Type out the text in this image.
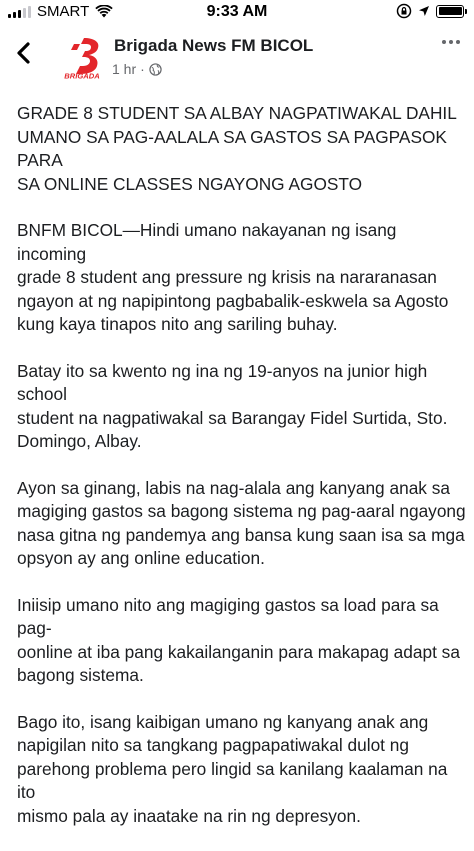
SMART	9:33 AM
BRIGADA
Brigada News FM BICOL
1 hr ·

GRADE 8 STUDENT SA ALBAY NAGPATIWAKAL DAHIL
UMANO SA PAG-AALALA SA GASTOS SA PAGPASOK PARA
SA ONLINE CLASSES NGAYONG AGOSTO

BNFM BICOL—Hindi umano nakayanan ng isang incoming
grade 8 student ang pressure ng krisis na nararanasan
ngayon at ng napipintong pagbabalik-eskwela sa Agosto
kung kaya tinapos nito ang sariling buhay.

Batay ito sa kwento ng ina ng 19-anyos na junior high school
student na nagpatiwakal sa Barangay Fidel Surtida, Sto.
Domingo, Albay.

Ayon sa ginang, labis na nag-alala ang kanyang anak sa
magiging gastos sa bagong sistema ng pag-aaral ngayong
nasa gitna ng pandemya ang bansa kung saan isa sa mga
opsyon ay ang online education.

Iniisip umano nito ang magiging gastos sa load para sa pag-
oonline at iba pang kakailanganin para makapag adapt sa
bagong sistema.

Bago ito, isang kaibigan umano ng kanyang anak ang
napigilan nito sa tangkang pagpapatiwakal dulot ng
parehong problema pero lingid sa kanilang kaalaman na ito
mismo pala ay inaatake na rin ng depresyon.
